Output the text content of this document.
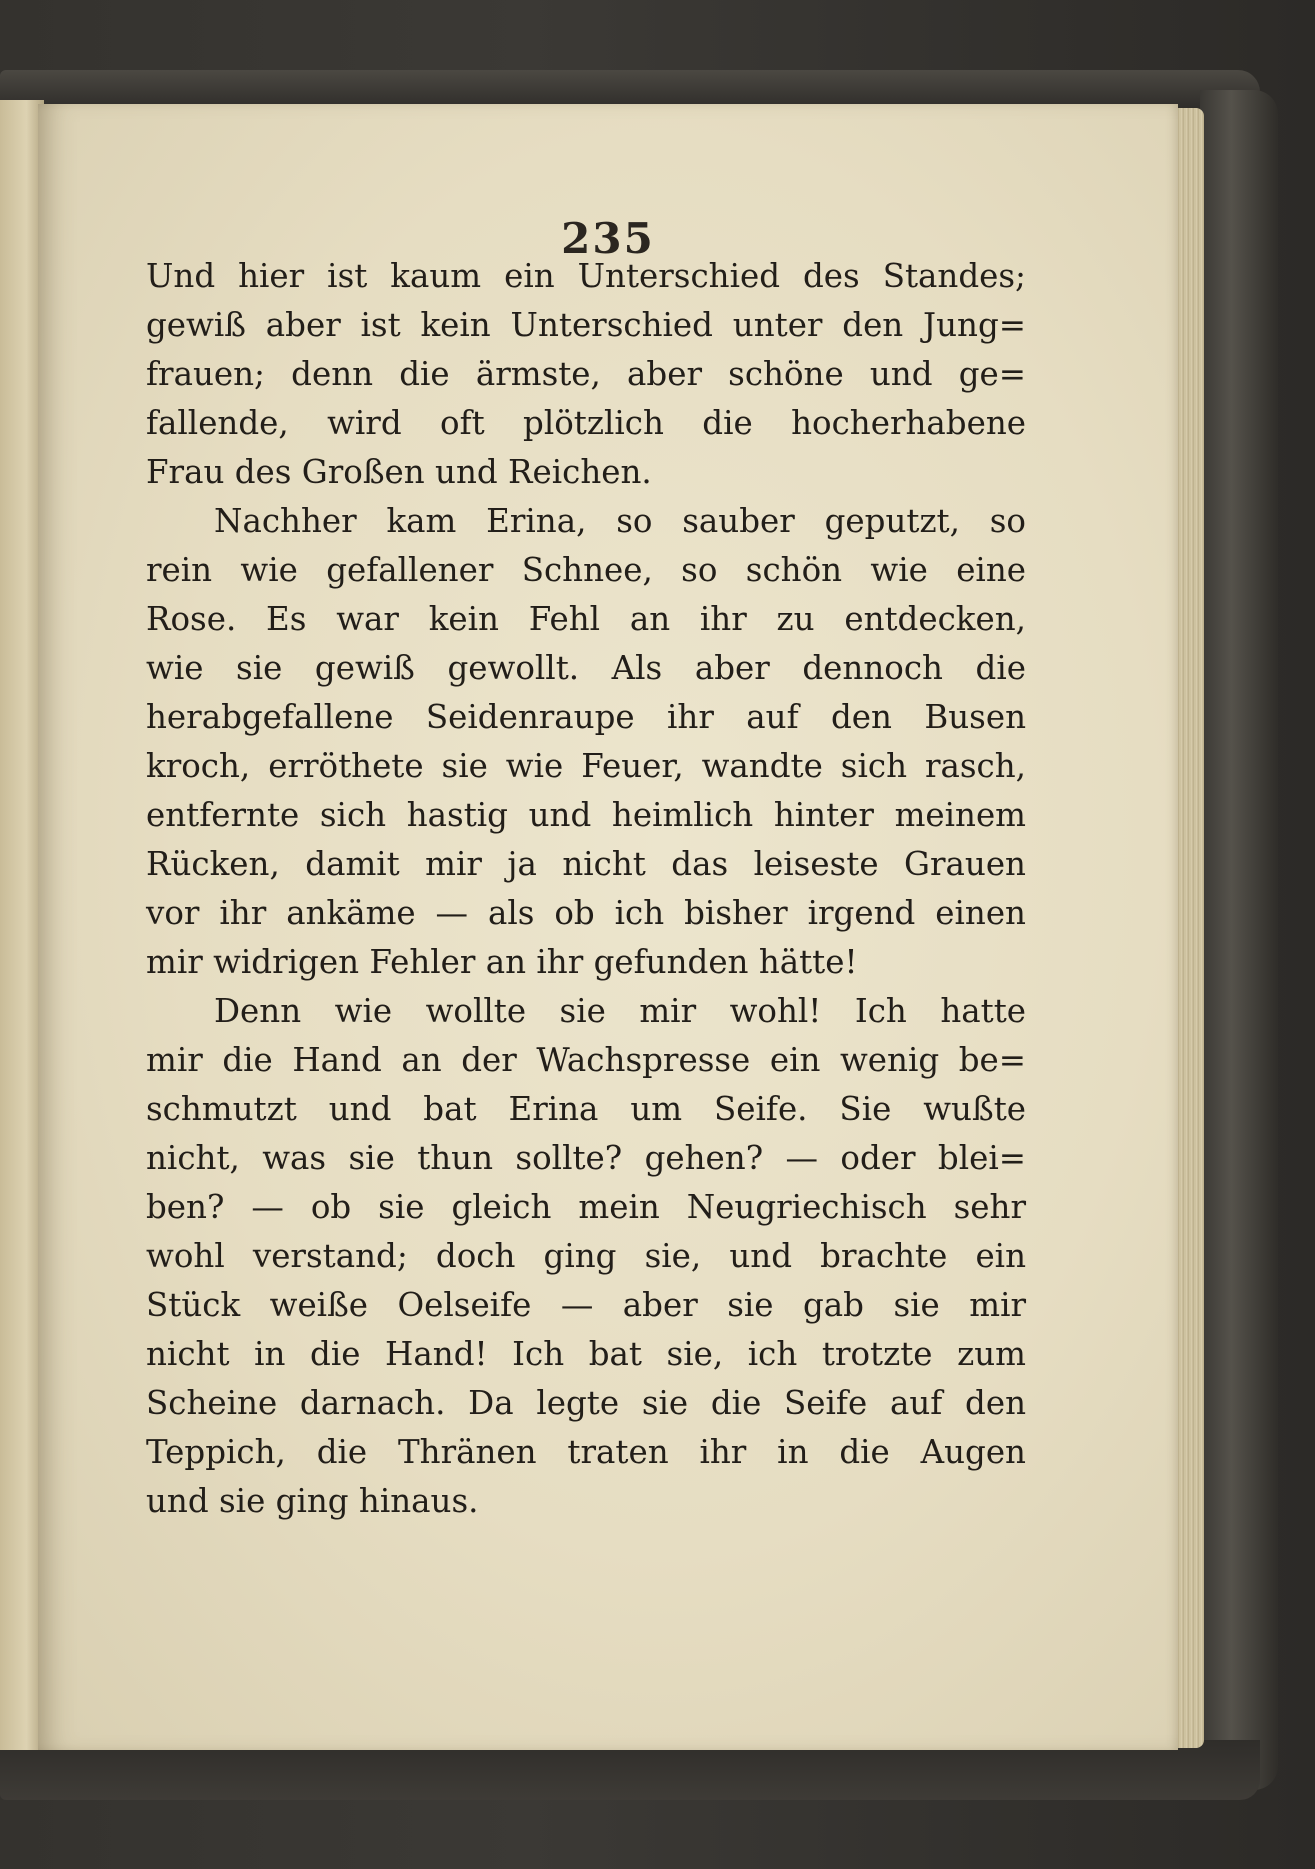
235
Und hier ist kaum ein Unterschied des Standes;
gewiß aber ist kein Unterschied unter den Jung=
frauen; denn die ärmste, aber schöne und ge=
fallende, wird oft plötzlich die hocherhabene
Frau des Großen und Reichen.
Nachher kam Erina, so sauber geputzt, so
rein wie gefallener Schnee, so schön wie eine
Rose. Es war kein Fehl an ihr zu entdecken,
wie sie gewiß gewollt. Als aber dennoch die
herabgefallene Seidenraupe ihr auf den Busen
kroch, erröthete sie wie Feuer, wandte sich rasch,
entfernte sich hastig und heimlich hinter meinem
Rücken, damit mir ja nicht das leiseste Grauen
vor ihr ankäme — als ob ich bisher irgend einen
mir widrigen Fehler an ihr gefunden hätte!
Denn wie wollte sie mir wohl! Ich hatte
mir die Hand an der Wachspresse ein wenig be=
schmutzt und bat Erina um Seife. Sie wußte
nicht, was sie thun sollte? gehen? — oder blei=
ben? — ob sie gleich mein Neugriechisch sehr
wohl verstand; doch ging sie, und brachte ein
Stück weiße Oelseife — aber sie gab sie mir
nicht in die Hand! Ich bat sie, ich trotzte zum
Scheine darnach. Da legte sie die Seife auf den
Teppich, die Thränen traten ihr in die Augen
und sie ging hinaus.
